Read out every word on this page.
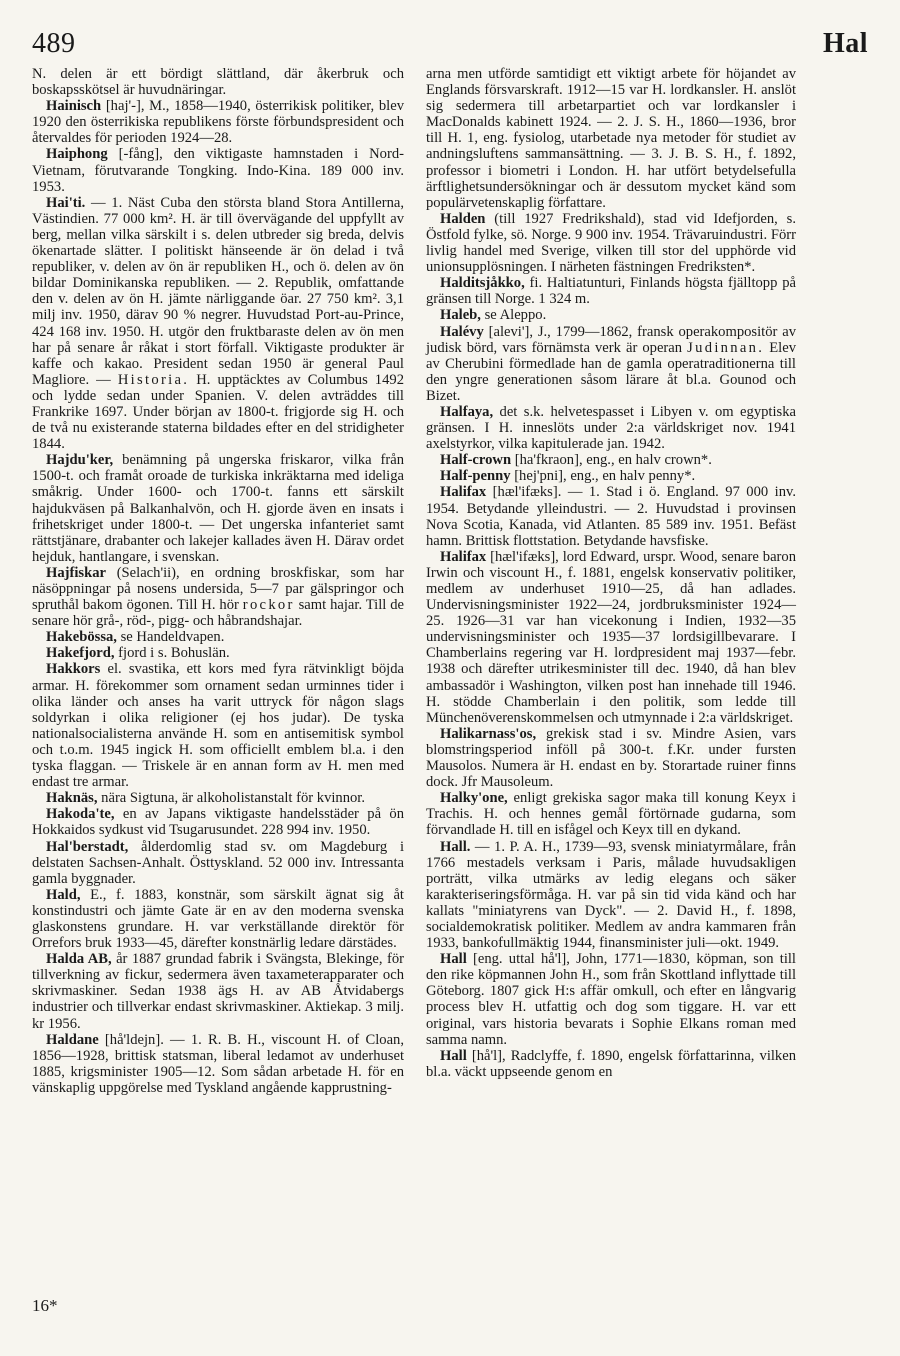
489	Hal

N. delen är ett bördigt slättland, där åkerbruk och boskapsskötsel är huvudnäringar.

Hainisch [haj'-], M., 1858—1940, österrikisk politiker, blev 1920 den österrikiska republikens förste förbundspresident och återvaldes för perioden 1924—28.

Haiphong [-fång], den viktigaste hamnstaden i Nord-Vietnam, förutvarande Tongking. Indo-Kina. 189 000 inv. 1953.

Hai'ti. — 1. Näst Cuba den största bland Stora Antillerna, Västindien. 77 000 km². H. är till övervägande del uppfyllt av berg, mellan vilka särskilt i s. delen utbreder sig breda, delvis ökenartade slätter. I politiskt hänseende är ön delad i två republiker, v. delen av ön är republiken H., och ö. delen av ön bildar Dominikanska republiken. — 2. Republik, omfattande den v. delen av ön H. jämte närliggande öar. 27 750 km². 3,1 milj inv. 1950, därav 90 % negrer. Huvudstad Port-au-Prince, 424 168 inv. 1950. H. utgör den fruktbaraste delen av ön men har på senare år råkat i stort förfall. Viktigaste produkter är kaffe och kakao. President sedan 1950 är general Paul Magliore. — Historia. H. upptäcktes av Columbus 1492 och lydde sedan under Spanien. V. delen avträddes till Frankrike 1697. Under början av 1800-t. frigjorde sig H. och de två nu existerande staterna bildades efter en del stridigheter 1844.

Hajdu'ker, benämning på ungerska friskaror, vilka från 1500-t. och framåt oroade de turkiska inkräktarna med ideliga småkrig. Under 1600- och 1700-t. fanns ett särskilt hajdukväsen på Balkanhalvön, och H. gjorde även en insats i frihetskriget under 1800-t. — Det ungerska infanteriet samt rättstjänare, drabanter och lakejer kallades även H. Därav ordet hejduk, hantlangare, i svenskan.

Hajfiskar (Selach'ii), en ordning broskfiskar, som har näsöppningar på nosens undersida, 5—7 par gälspringor och spruthål bakom ögonen. Till H. hör rockor samt hajar. Till de senare hör grå-, röd-, pigg- och håbrandshajar.

Hakebössa, se Handeldvapen.

Hakefjord, fjord i s. Bohuslän.

Hakkors el. svastika, ett kors med fyra rätvinkligt böjda armar. H. förekommer som ornament sedan urminnes tider i olika länder och anses ha varit uttryck för någon slags soldyrkan i olika religioner (ej hos judar). De tyska nationalsocialisterna använde H. som en antisemitisk symbol och t.o.m. 1945 ingick H. som officiellt emblem bl.a. i den tyska flaggan. — Triskele är en annan form av H. men med endast tre armar.

Haknäs, nära Sigtuna, är alkoholistanstalt för kvinnor.

Hakoda'te, en av Japans viktigaste handelsstäder på ön Hokkaidos sydkust vid Tsugarusundet. 228 994 inv. 1950.

Hal'berstadt, ålderdomlig stad sv. om Magdeburg i delstaten Sachsen-Anhalt. Östtyskland. 52 000 inv. Intressanta gamla byggnader.

Hald, E., f. 1883, konstnär, som särskilt ägnat sig åt konstindustri och jämte Gate är en av den moderna svenska glaskonstens grundare. H. var verkställande direktör för Orrefors bruk 1933—45, därefter konstnärlig ledare därstädes.

Halda AB, år 1887 grundad fabrik i Svängsta, Blekinge, för tillverkning av fickur, sedermera även taxameterapparater och skrivmaskiner. Sedan 1938 ägs H. av AB Åtvidabergs industrier och tillverkar endast skrivmaskiner. Aktiekap. 3 milj. kr 1956.

Haldane [hå'ldejn]. — 1. R. B. H., viscount H. of Cloan, 1856—1928, brittisk statsman, liberal ledamot av underhuset 1885, krigsminister 1905—12. Som sådan arbetade H. för en vänskaplig uppgörelse med Tyskland angående kapprustning-

arna men utförde samtidigt ett viktigt arbete för höjandet av Englands försvarskraft. 1912—15 var H. lordkansler. H. anslöt sig sedermera till arbetarpartiet och var lordkansler i MacDonalds kabinett 1924. — 2. J. S. H., 1860—1936, bror till H. 1, eng. fysiolog, utarbetade nya metoder för studiet av andningsluftens sammansättning. — 3. J. B. S. H., f. 1892, professor i biometri i London. H. har utfört betydelsefulla ärftlighetsundersökningar och är dessutom mycket känd som populärvetenskaplig författare.

Halden (till 1927 Fredrikshald), stad vid Idefjorden, s. Östfold fylke, sö. Norge. 9 900 inv. 1954. Trävaruindustri. Förr livlig handel med Sverige, vilken till stor del upphörde vid unionsupplösningen. I närheten fästningen Fredriksten*.

Halditsjåkko, fi. Haltiatunturi, Finlands högsta fjälltopp på gränsen till Norge. 1 324 m.

Haleb, se Aleppo.

Halévy [alevi'], J., 1799—1862, fransk operakompositör av judisk börd, vars förnämsta verk är operan Judinnan. Elev av Cherubini förmedlade han de gamla operatraditionerna till den yngre generationen såsom lärare åt bl.a. Gounod och Bizet.

Halfaya, det s.k. helvetespasset i Libyen v. om egyptiska gränsen. I H. inneslöts under 2:a världskriget nov. 1941 axelstyrkor, vilka kapitulerade jan. 1942.

Half-crown [ha'fkraon], eng., en halv crown*.

Half-penny [hej'pni], eng., en halv penny*.

Halifax [hæl'ifæks]. — 1. Stad i ö. England. 97 000 inv. 1954. Betydande ylleindustri. — 2. Huvudstad i provinsen Nova Scotia, Kanada, vid Atlanten. 85 589 inv. 1951. Befäst hamn. Brittisk flottstation. Betydande havsfiske.

Halifax [hæl'ifæks], lord Edward, urspr. Wood, senare baron Irwin och viscount H., f. 1881, engelsk konservativ politiker, medlem av underhuset 1910—25, då han adlades. Undervisningsminister 1922—24, jordbruksminister 1924—25. 1926—31 var han vicekonung i Indien, 1932—35 undervisningsminister och 1935—37 lordsigillbevarare. I Chamberlains regering var H. lordpresident maj 1937—febr. 1938 och därefter utrikesminister till dec. 1940, då han blev ambassadör i Washington, vilken post han innehade till 1946. H. stödde Chamberlain i den politik, som ledde till Münchenöverenskommelsen och utmynnade i 2:a världskriget.

Halikarnass'os, grekisk stad i sv. Mindre Asien, vars blomstringsperiod inföll på 300-t. f.Kr. under fursten Mausolos. Numera är H. endast en by. Storartade ruiner finns dock. Jfr Mausoleum.

Halky'one, enligt grekiska sagor maka till konung Keyx i Trachis. H. och hennes gemål förtörnade gudarna, som förvandlade H. till en isfågel och Keyx till en dykand.

Hall. — 1. P. A. H., 1739—93, svensk miniatyrmålare, från 1766 mestadels verksam i Paris, målade huvudsakligen porträtt, vilka utmärks av ledig elegans och säker karakteriseringsförmåga. H. var på sin tid vida känd och har kallats "miniatyrens van Dyck". — 2. David H., f. 1898, socialdemokratisk politiker. Medlem av andra kammaren från 1933, bankofullmäktig 1944, finansminister juli—okt. 1949.

Hall [eng. uttal hå'l], John, 1771—1830, köpman, son till den rike köpmannen John H., som från Skottland inflyttade till Göteborg. 1807 gick H:s affär omkull, och efter en långvarig process blev H. utfattig och dog som tiggare. H. var ett original, vars historia bevarats i Sophie Elkans roman med samma namn.

Hall [hå'l], Radclyffe, f. 1890, engelsk författarinna, vilken bl.a. väckt uppseende genom en

16*
